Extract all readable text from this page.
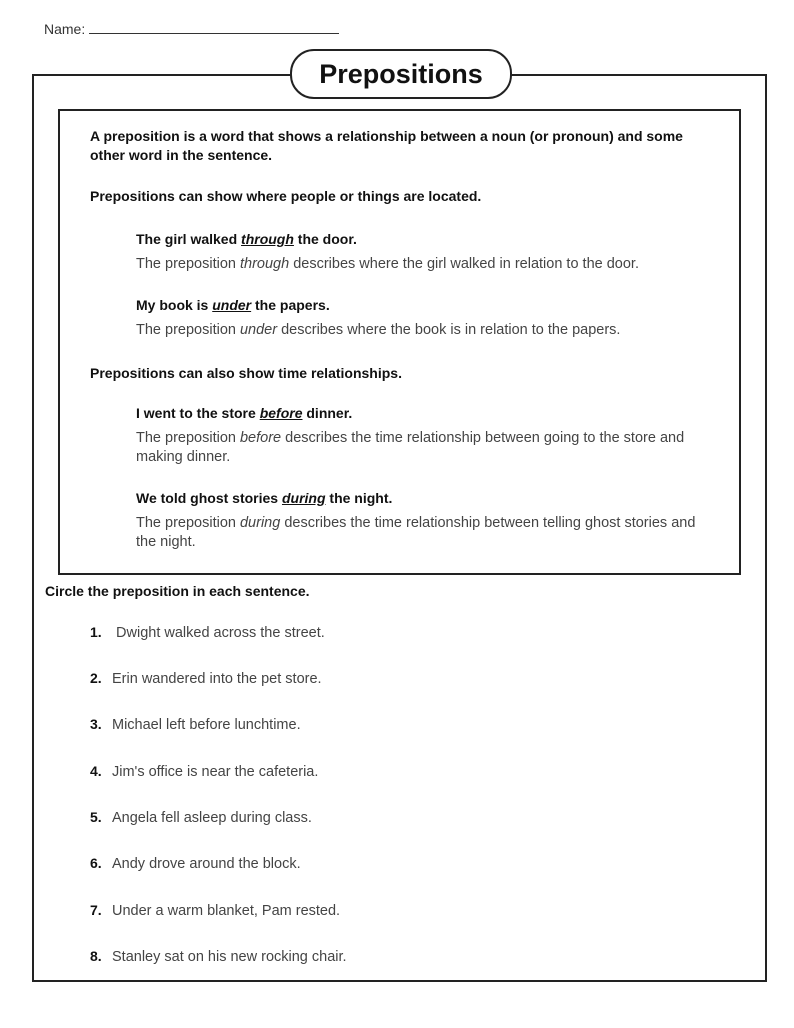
Name:
Prepositions
A preposition is a word that shows a relationship between a noun (or pronoun) and some other word in the sentence.
Prepositions can show where people or things are located.
The girl walked through the door.
The preposition through describes where the girl walked in relation to the door.
My book is under the papers.
The preposition under describes where the book is in relation to the papers.
Prepositions can also show time relationships.
I went to the store before dinner.
The preposition before describes the time relationship between going to the store and making dinner.
We told ghost stories during the night.
The preposition during describes the time relationship between telling ghost stories and the night.
Circle the preposition in each sentence.
1. Dwight walked across the street.
2. Erin wandered into the pet store.
3. Michael left before lunchtime.
4. Jim's office is near the cafeteria.
5. Angela fell asleep during class.
6. Andy drove around the block.
7. Under a warm blanket, Pam rested.
8. Stanley sat on his new rocking chair.
